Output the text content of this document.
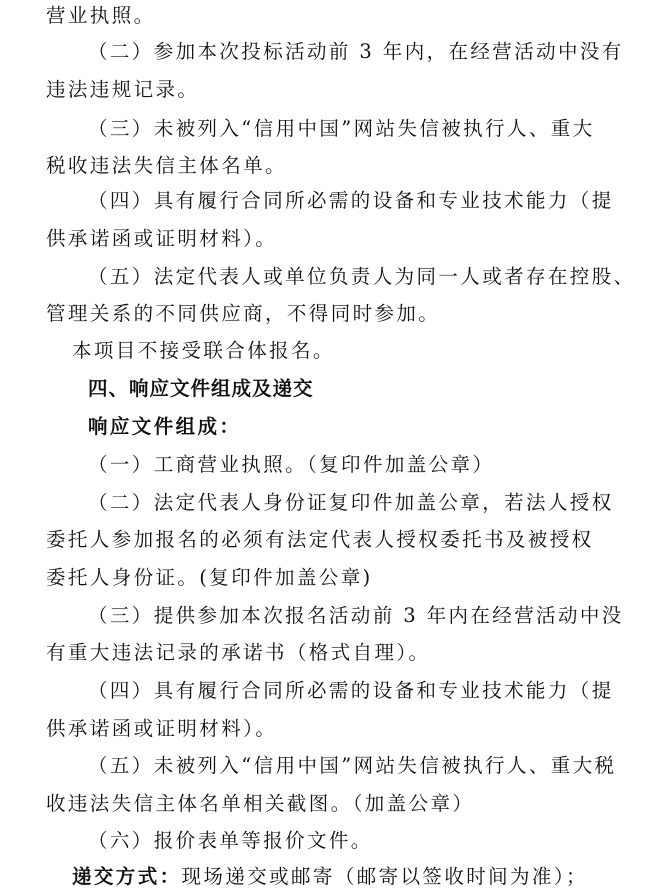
营业执照。
（二）参加本次投标活动前 3 年内，在经营活动中没有
违法违规记录。
（三）未被列入“信用中国”网站失信被执行人、重大
税收违法失信主体名单。
（四）具有履行合同所必需的设备和专业技术能力（提
供承诺函或证明材料）。
（五）法定代表人或单位负责人为同一人或者存在控股、
管理关系的不同供应商，不得同时参加。
本项目不接受联合体报名。
四、响应文件组成及递交
响应文件组成：
（一）工商营业执照。（复印件加盖公章）
（二）法定代表人身份证复印件加盖公章，若法人授权
委托人参加报名的必须有法定代表人授权委托书及被授权
委托人身份证。(复印件加盖公章)
（三）提供参加本次报名活动前 3 年内在经营活动中没
有重大违法记录的承诺书（格式自理）。
（四）具有履行合同所必需的设备和专业技术能力（提
供承诺函或证明材料）。
（五）未被列入“信用中国”网站失信被执行人、重大税
收违法失信主体名单相关截图。（加盖公章）
（六）报价表单等报价文件。
递交方式：现场递交或邮寄（邮寄以签收时间为准）；
